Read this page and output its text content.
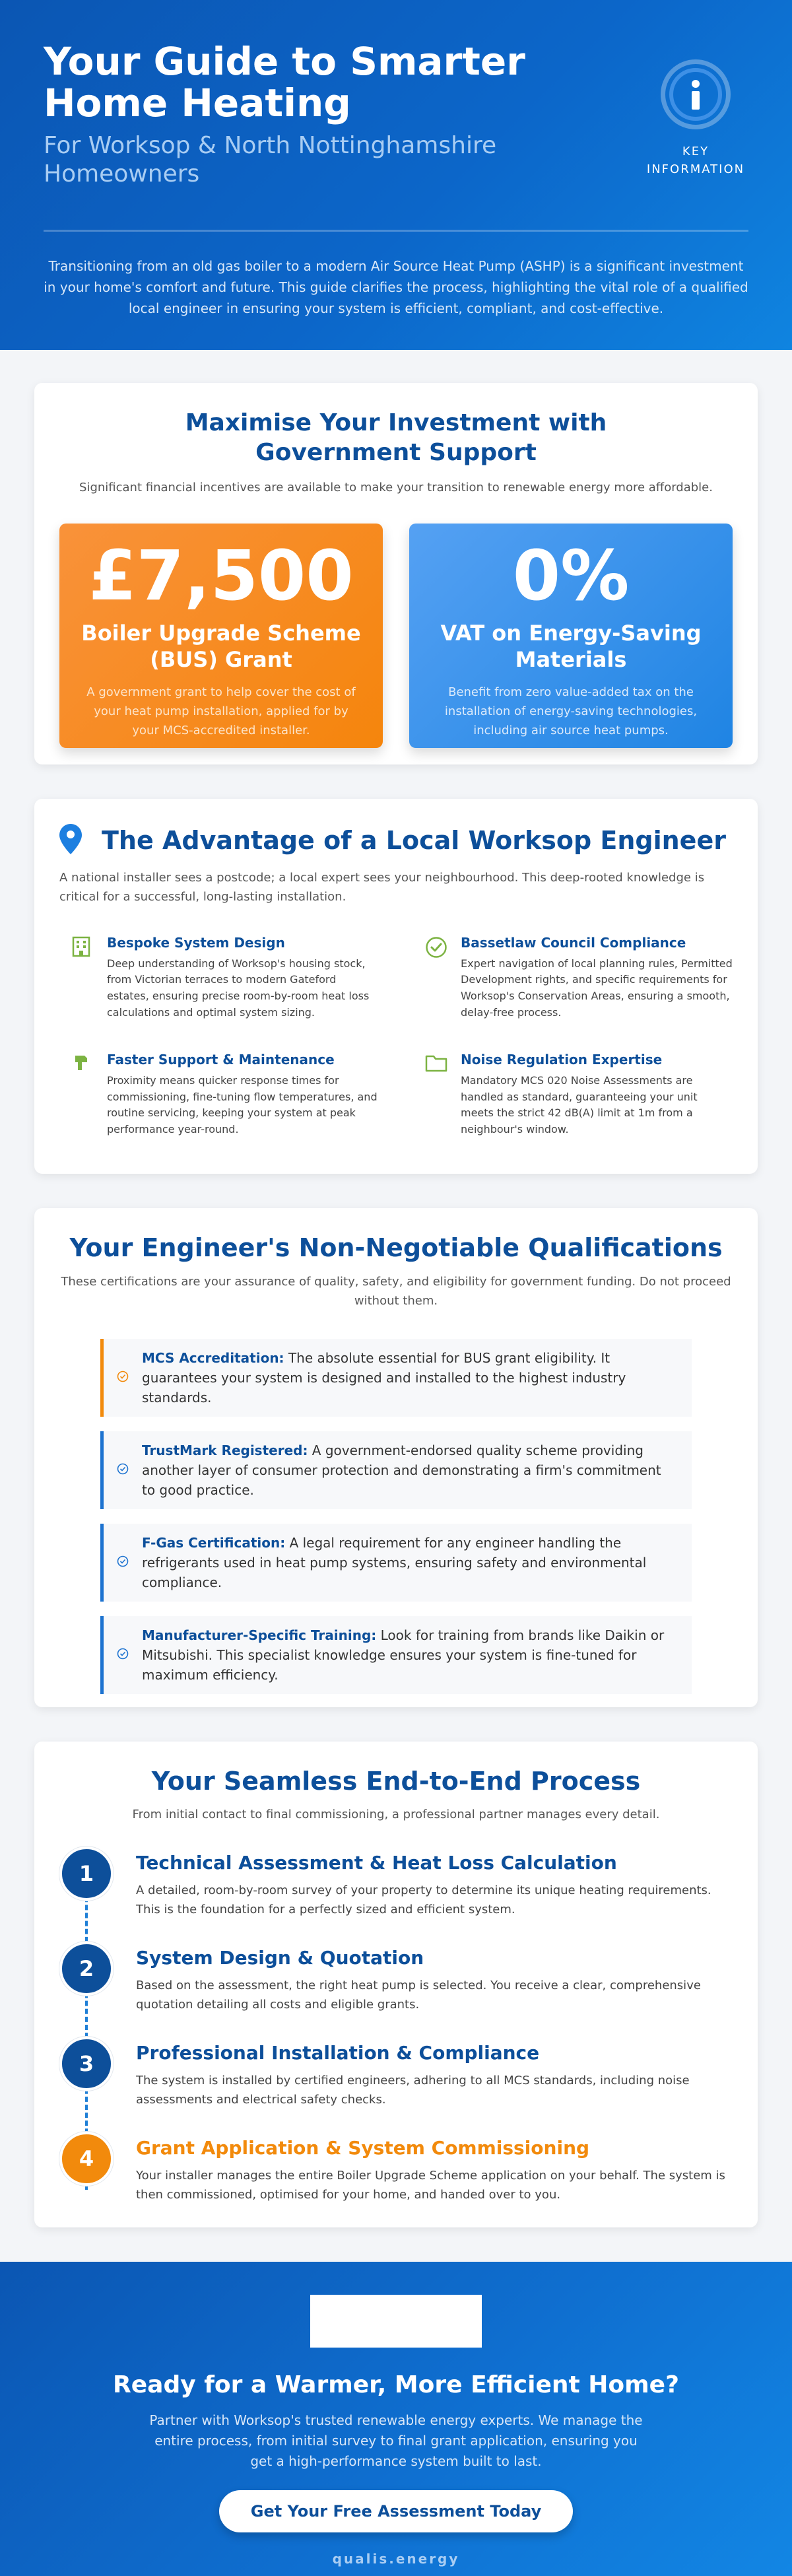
Your Guide to Smarter Home Heating
For Worksop & North Nottinghamshire Homeowners
KEY INFORMATION

Transitioning from an old gas boiler to a modern Air Source Heat Pump (ASHP) is a significant investment in your home's comfort and future. This guide clarifies the process, highlighting the vital role of a qualified local engineer in ensuring your system is efficient, compliant, and cost-effective.

Maximise Your Investment with Government Support

Significant financial incentives are available to make your transition to renewable energy more affordable.

£7,500
Boiler Upgrade Scheme (BUS) Grant
A government grant to help cover the cost of your heat pump installation, applied for by your MCS-accredited installer.
0%
VAT on Energy-Saving Materials
Benefit from zero value-added tax on the installation of energy-saving technologies, including air source heat pumps.
The Advantage of a Local Worksop Engineer

A national installer sees a postcode; a local expert sees your neighbourhood. This deep-rooted knowledge is critical for a successful, long-lasting installation.

Bespoke System Design
Deep understanding of Worksop's housing stock, from Victorian terraces to modern Gateford estates, ensuring precise room-by-room heat loss calculations and optimal system sizing.
Bassetlaw Council Compliance
Expert navigation of local planning rules, Permitted Development rights, and specific requirements for Worksop's Conservation Areas, ensuring a smooth, delay-free process.
Faster Support & Maintenance
Proximity means quicker response times for commissioning, fine-tuning flow temperatures, and routine servicing, keeping your system at peak performance year-round.
Noise Regulation Expertise
Mandatory MCS 020 Noise Assessments are handled as standard, guaranteeing your unit meets the strict 42 dB(A) limit at 1m from a neighbour's window.
Your Engineer's Non-Negotiable Qualifications

These certifications are your assurance of quality, safety, and eligibility for government funding. Do not proceed without them.

MCS Accreditation: The absolute essential for BUS grant eligibility. It guarantees your system is designed and installed to the highest industry standards.
TrustMark Registered: A government-endorsed quality scheme providing another layer of consumer protection and demonstrating a firm's commitment to good practice.
F-Gas Certification: A legal requirement for any engineer handling the refrigerants used in heat pump systems, ensuring safety and environmental compliance.
Manufacturer-Specific Training: Look for training from brands like Daikin or Mitsubishi. This specialist knowledge ensures your system is fine-tuned for maximum efficiency.
Your Seamless End-to-End Process

From initial contact to final commissioning, a professional partner manages every detail.

1	Technical Assessment & Heat Loss Calculation
A detailed, room-by-room survey of your property to determine its unique heating requirements. This is the foundation for a perfectly sized and efficient system.
2	System Design & Quotation
Based on the assessment, the right heat pump is selected. You receive a clear, comprehensive quotation detailing all costs and eligible grants.
3	Professional Installation & Compliance
The system is installed by certified engineers, adhering to all MCS standards, including noise assessments and electrical safety checks.
4	Grant Application & System Commissioning
Your installer manages the entire Boiler Upgrade Scheme application on your behalf. The system is then commissioned, optimised for your home, and handed over to you.
Ready for a Warmer, More Efficient Home?

Partner with Worksop's trusted renewable energy experts. We manage the entire process, from initial survey to final grant application, ensuring you get a high-performance system built to last.

Get Your Free Assessment Today
qualis.energy
